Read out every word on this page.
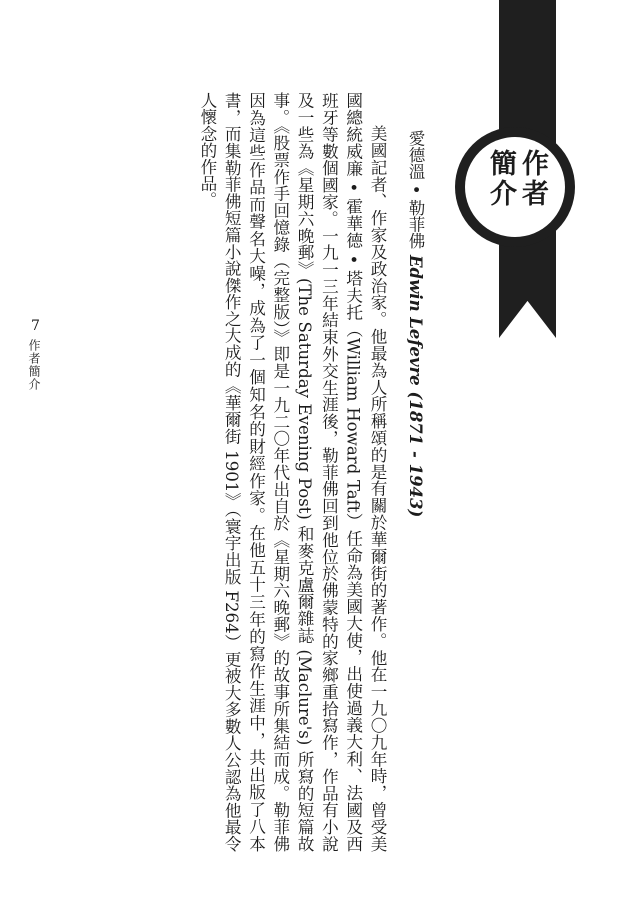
作者簡介
愛德溫 • 勒菲佛 Edwin Lefevre (1871 - 1943)

美國記者、作家及政治家。他最為人所稱頌的是有關於華爾街的著作。他在一九〇九年時，曾受美國總統威廉 • 霍華德 • 塔夫托（William Howard Taft）任命為美國大使，出使過義大利、法國及西班牙等數個國家。一九一三年結束外交生涯後，勒菲佛回到他位於佛蒙特的家鄉重拾寫作，作品有小說及一些為《星期六晚郵》(The Saturday Evening Post) 和麥克盧爾雜誌 (Maclure's) 所寫的短篇故事。《股票作手回憶錄（完整版）》即是一九二〇年代出自於《星期六晚郵》的故事所集結而成。勒菲佛因為這些作品而聲名大噪，成為了一個知名的財經作家。在他五十三年的寫作生涯中，共出版了八本書，而集勒菲佛短篇小說傑作之大成的《華爾街 1901》（寰宇出版 F264）更被大多數人公認為他最令人懷念的作品。

7
作者簡介
